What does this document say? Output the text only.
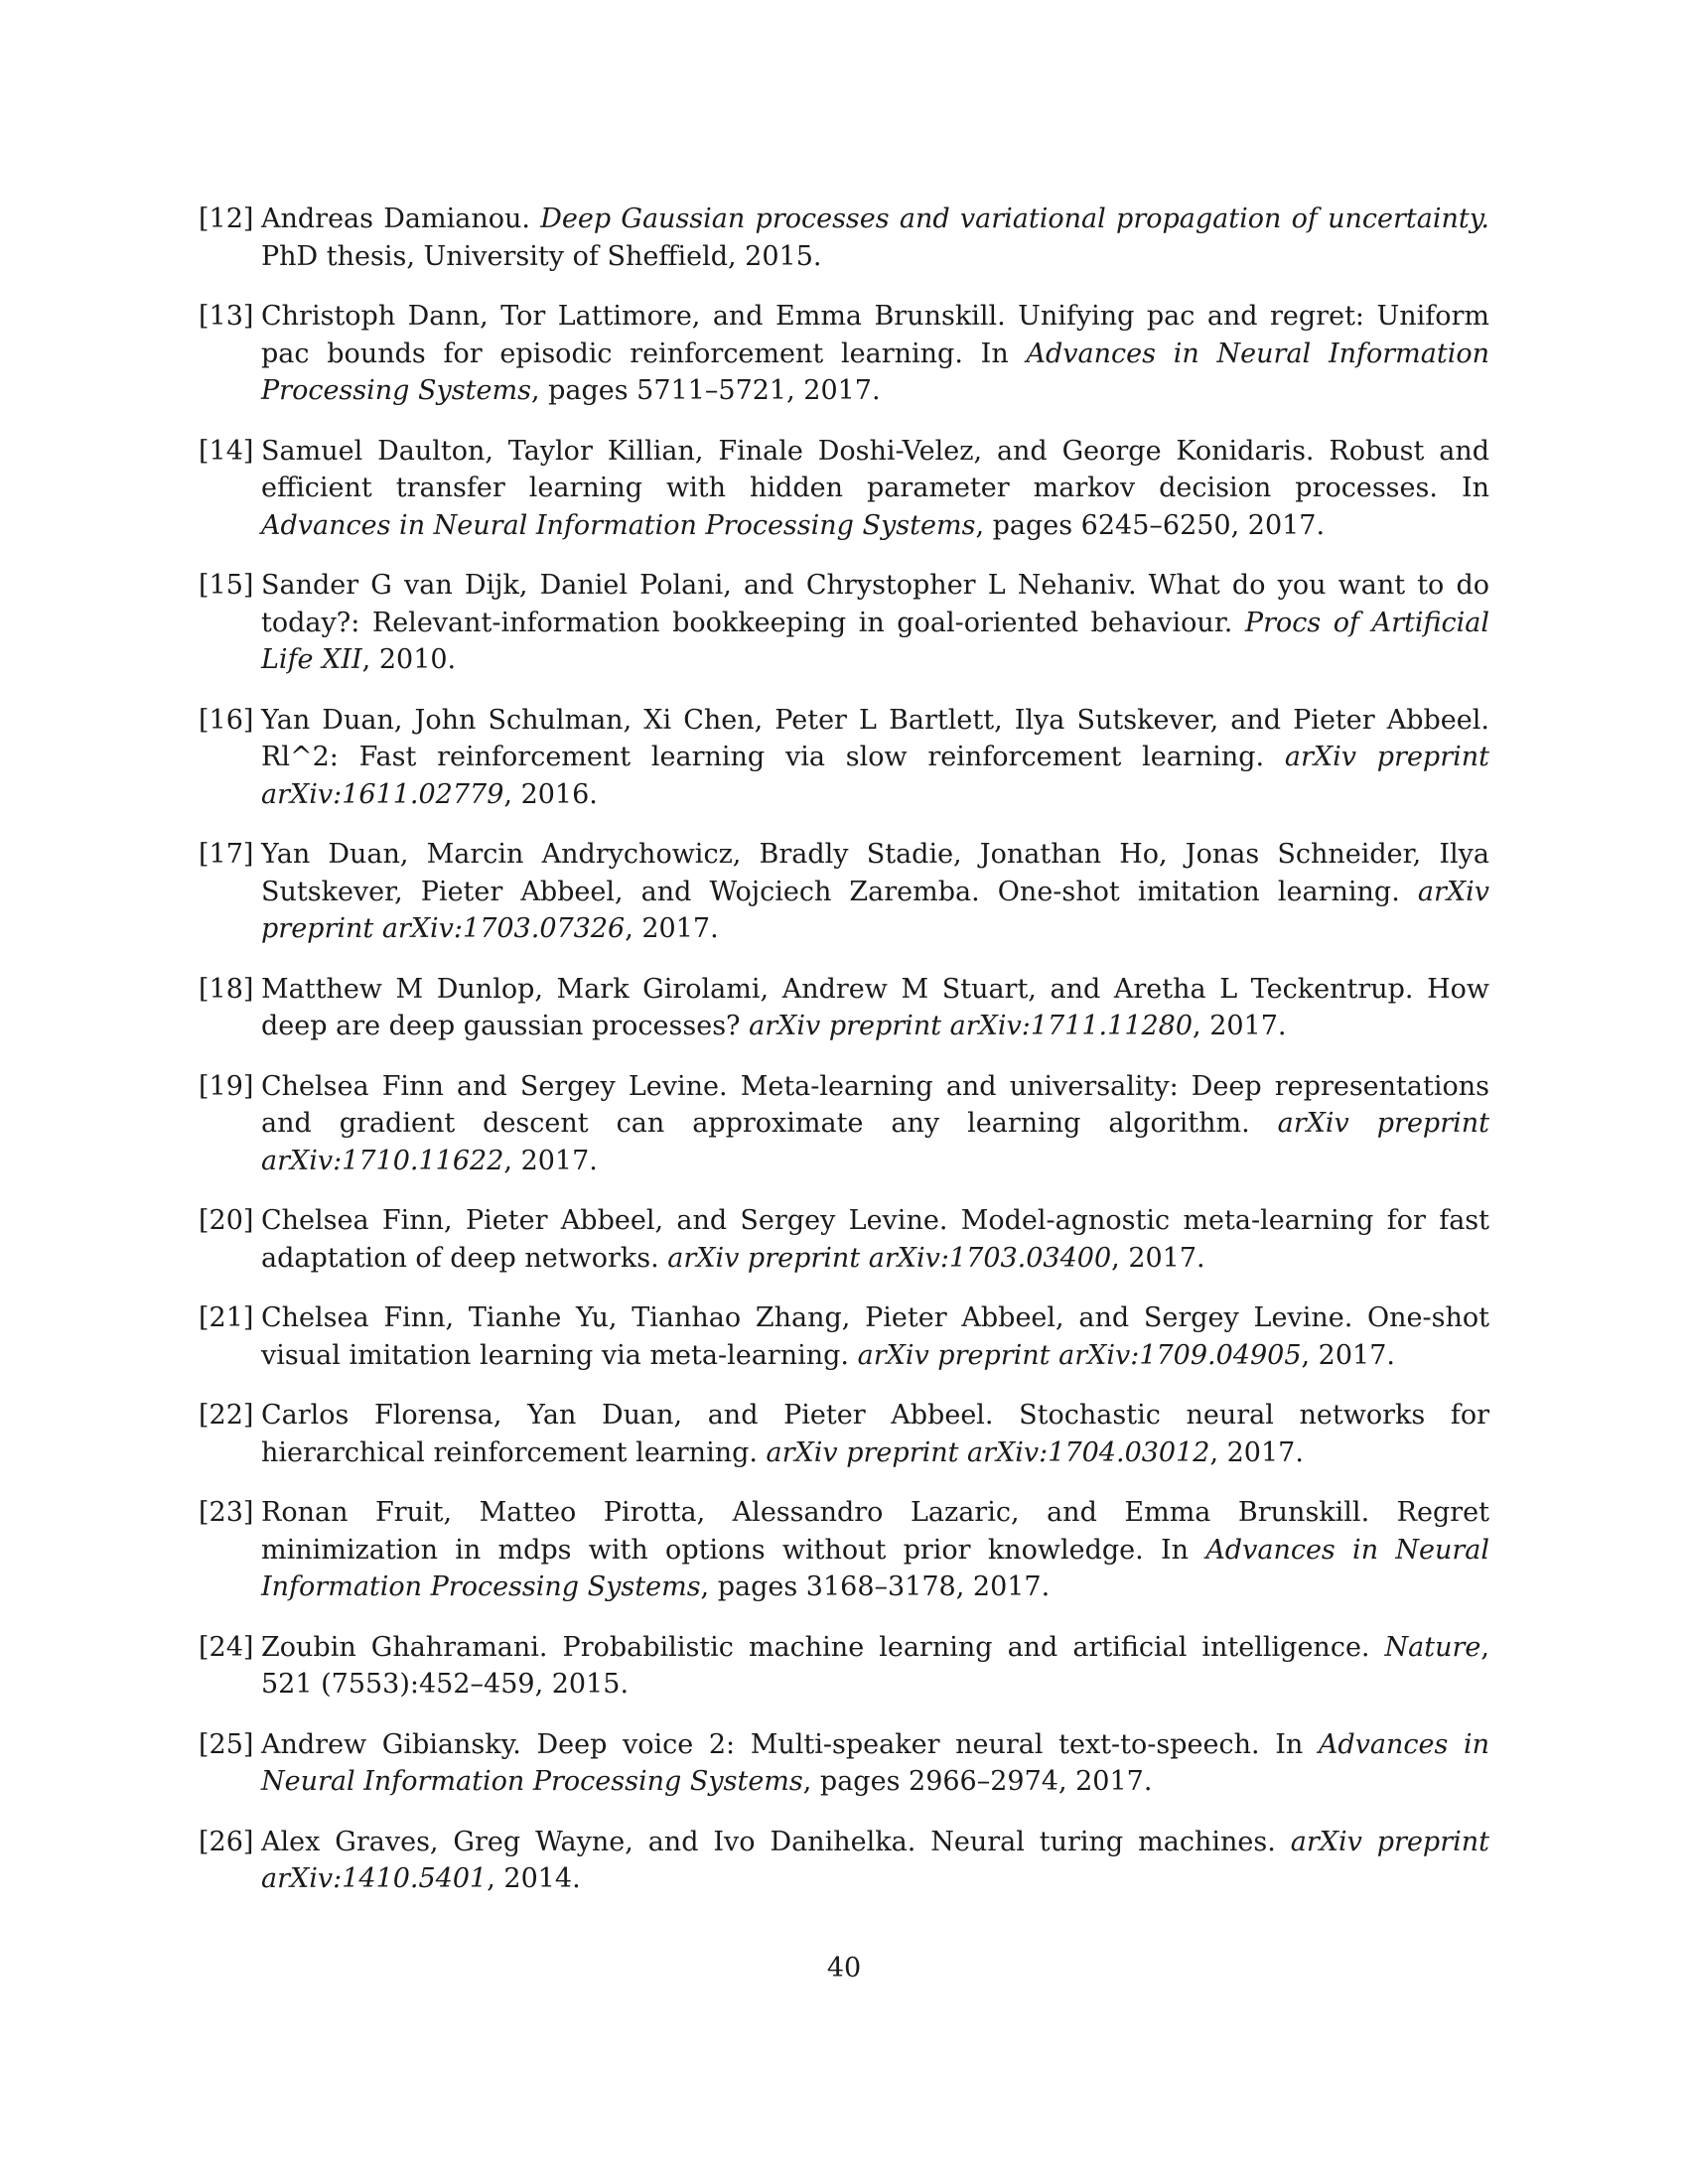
[12] Andreas Damianou. Deep Gaussian processes and variational propagation of uncertainty. PhD thesis, University of Sheffield, 2015.
[13] Christoph Dann, Tor Lattimore, and Emma Brunskill. Unifying pac and regret: Uniform pac bounds for episodic reinforcement learning. In Advances in Neural Information Processing Systems, pages 5711–5721, 2017.
[14] Samuel Daulton, Taylor Killian, Finale Doshi-Velez, and George Konidaris. Robust and efficient transfer learning with hidden parameter markov decision processes. In Advances in Neural Information Processing Systems, pages 6245–6250, 2017.
[15] Sander G van Dijk, Daniel Polani, and Chrystopher L Nehaniv. What do you want to do today?: Relevant-information bookkeeping in goal-oriented behaviour. Procs of Artificial Life XII, 2010.
[16] Yan Duan, John Schulman, Xi Chen, Peter L Bartlett, Ilya Sutskever, and Pieter Abbeel. Rl^2: Fast reinforcement learning via slow reinforcement learning. arXiv preprint arXiv:1611.02779, 2016.
[17] Yan Duan, Marcin Andrychowicz, Bradly Stadie, Jonathan Ho, Jonas Schneider, Ilya Sutskever, Pieter Abbeel, and Wojciech Zaremba. One-shot imitation learning. arXiv preprint arXiv:1703.07326, 2017.
[18] Matthew M Dunlop, Mark Girolami, Andrew M Stuart, and Aretha L Teckentrup. How deep are deep gaussian processes? arXiv preprint arXiv:1711.11280, 2017.
[19] Chelsea Finn and Sergey Levine. Meta-learning and universality: Deep representations and gradient descent can approximate any learning algorithm. arXiv preprint arXiv:1710.11622, 2017.
[20] Chelsea Finn, Pieter Abbeel, and Sergey Levine. Model-agnostic meta-learning for fast adaptation of deep networks. arXiv preprint arXiv:1703.03400, 2017.
[21] Chelsea Finn, Tianhe Yu, Tianhao Zhang, Pieter Abbeel, and Sergey Levine. One-shot visual imitation learning via meta-learning. arXiv preprint arXiv:1709.04905, 2017.
[22] Carlos Florensa, Yan Duan, and Pieter Abbeel. Stochastic neural networks for hierarchical reinforcement learning. arXiv preprint arXiv:1704.03012, 2017.
[23] Ronan Fruit, Matteo Pirotta, Alessandro Lazaric, and Emma Brunskill. Regret minimization in mdps with options without prior knowledge. In Advances in Neural Information Processing Systems, pages 3168–3178, 2017.
[24] Zoubin Ghahramani. Probabilistic machine learning and artificial intelligence. Nature, 521 (7553):452–459, 2015.
[25] Andrew Gibiansky. Deep voice 2: Multi-speaker neural text-to-speech. In Advances in Neural Information Processing Systems, pages 2966–2974, 2017.
[26] Alex Graves, Greg Wayne, and Ivo Danihelka. Neural turing machines. arXiv preprint arXiv:1410.5401, 2014.
40
